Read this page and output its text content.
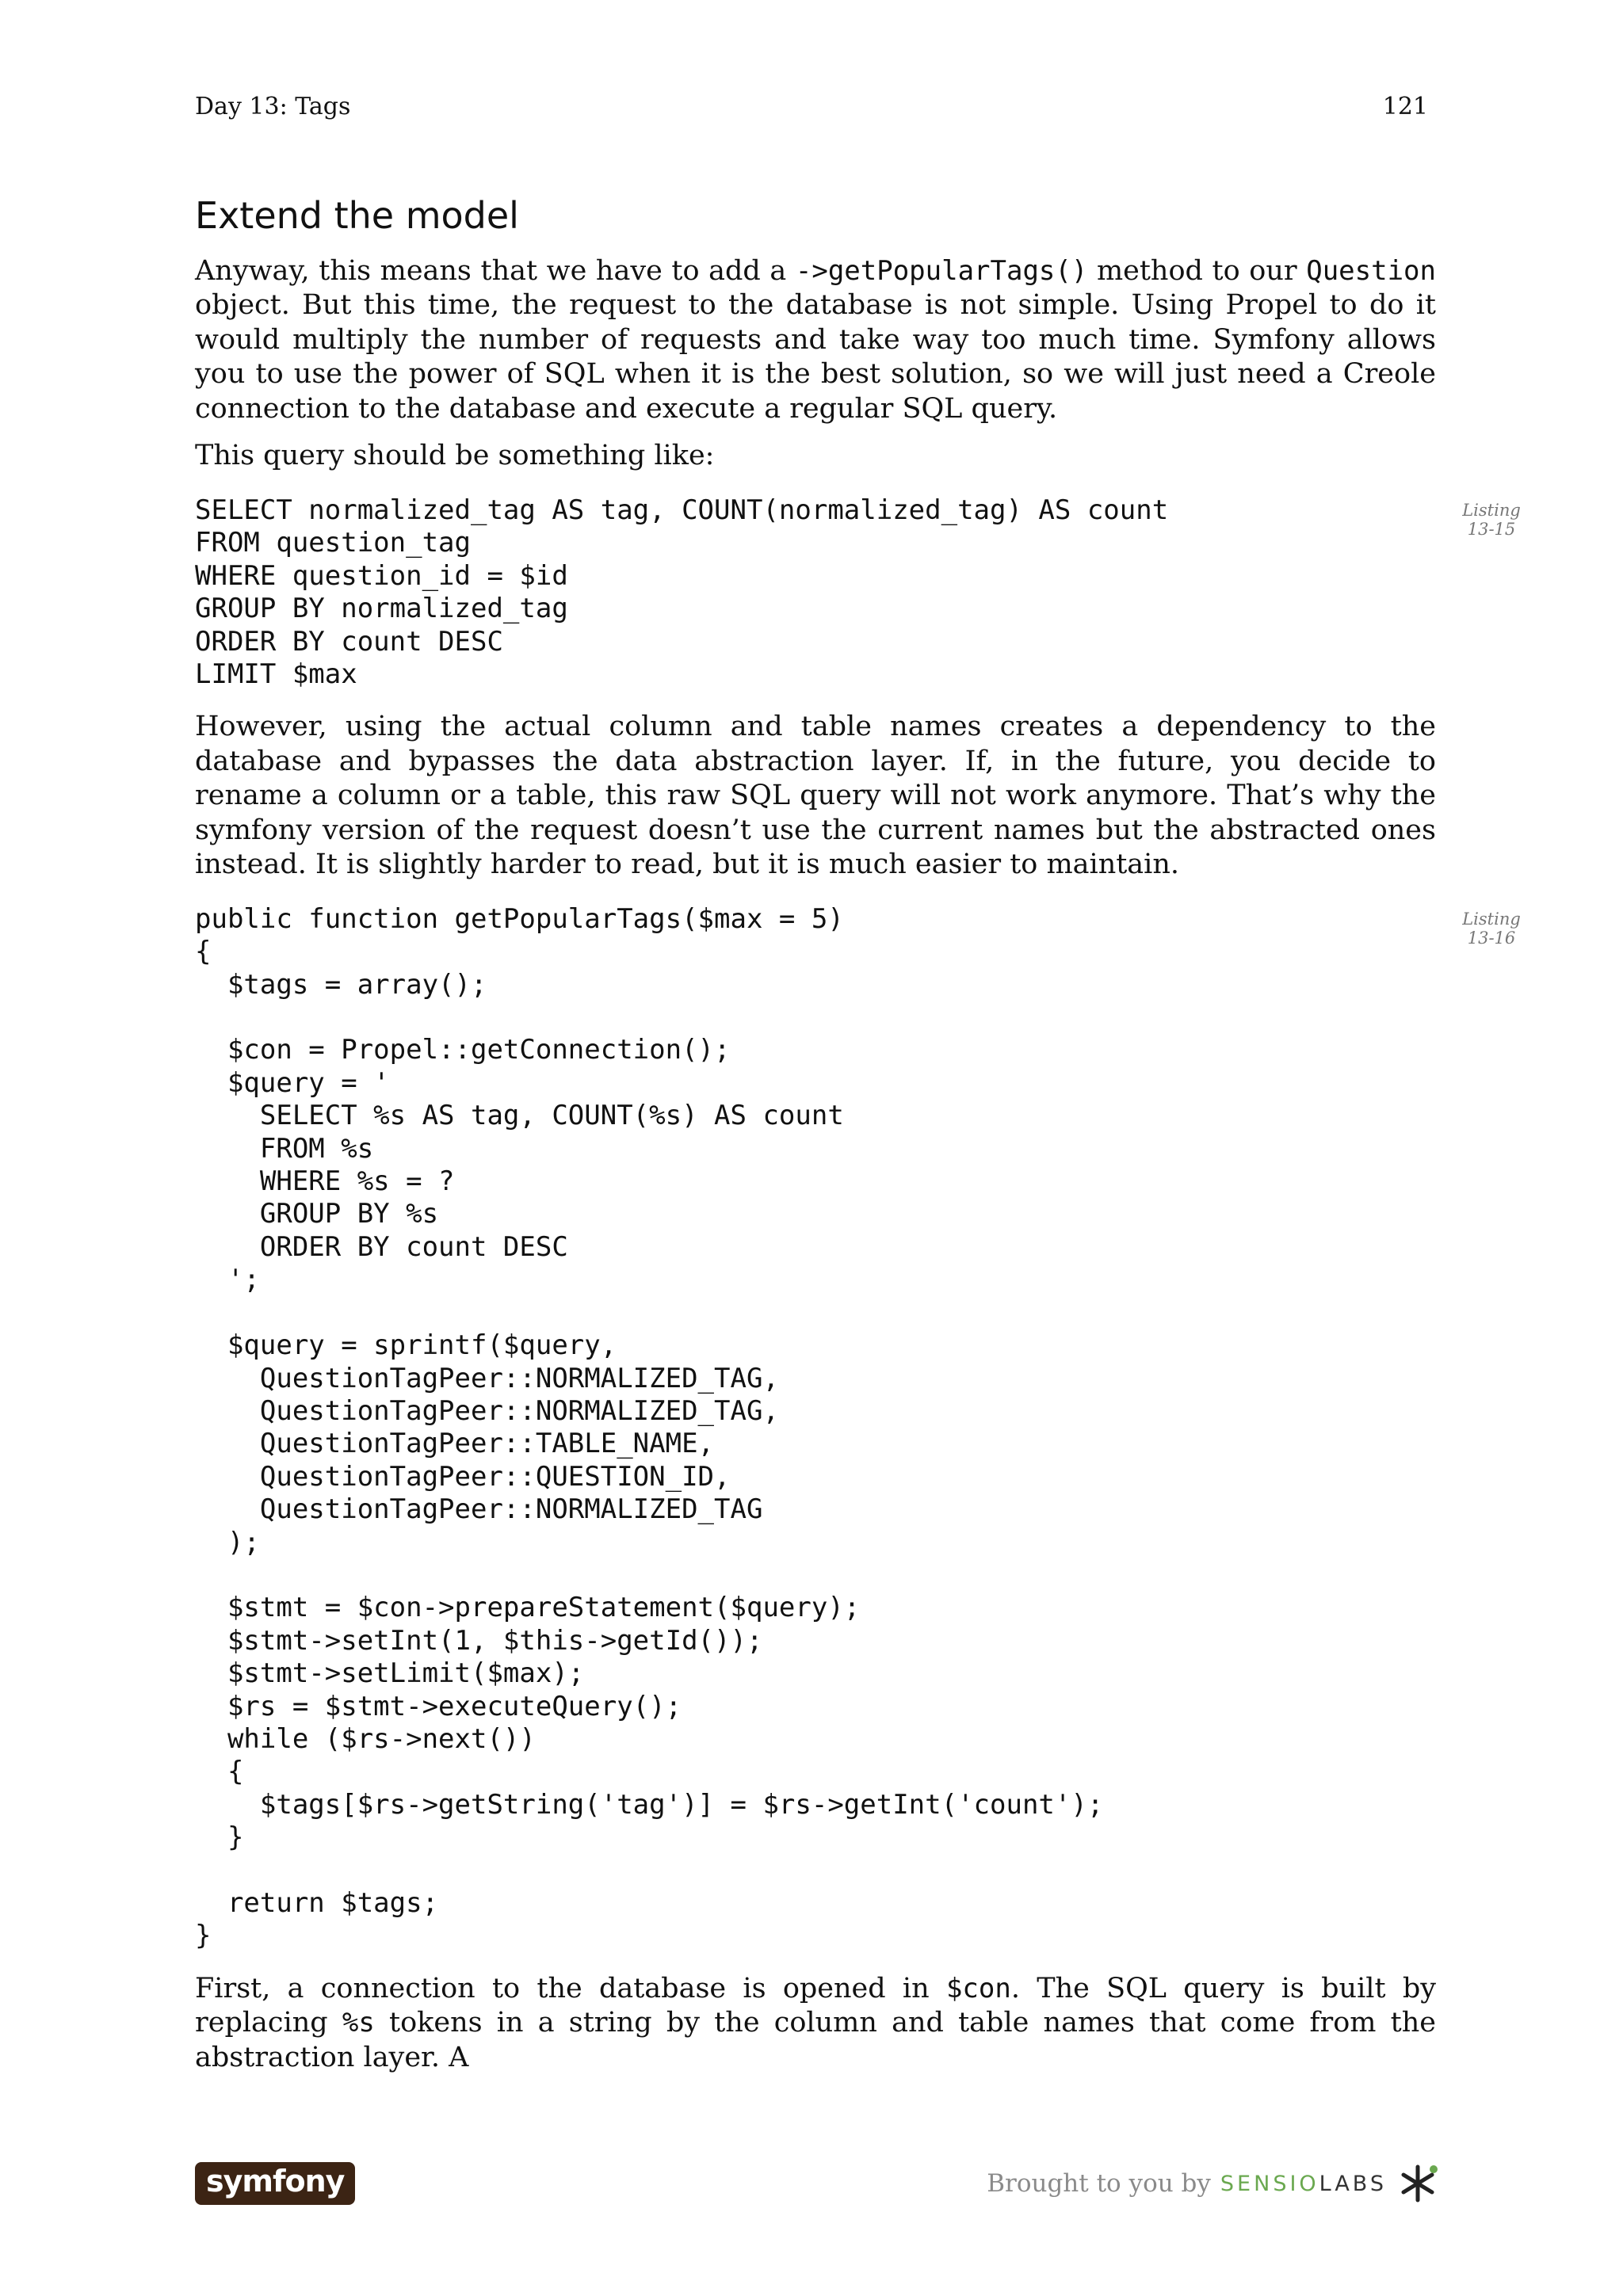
Day 13: Tags	121
Extend the model

Anyway, this means that we have to add a ->getPopularTags() method to our Question object. But this time, the request to the database is not simple. Using Propel to do it would multiply the number of requests and take way too much time. Symfony allows you to use the power of SQL when it is the best solution, so we will just need a Creole connection to the database and execute a regular SQL query.

This query should be something like:

SELECT normalized_tag AS tag, COUNT(normalized_tag) AS count
FROM question_tag
WHERE question_id = $id
GROUP BY normalized_tag
ORDER BY count DESC
LIMIT $max
Listing
13-15

However, using the actual column and table names creates a dependency to the database and bypasses the data abstraction layer. If, in the future, you decide to rename a column or a table, this raw SQL query will not work anymore. That’s why the symfony version of the request doesn’t use the current names but the abstracted ones instead. It is slightly harder to read, but it is much easier to maintain.

public function getPopularTags($max = 5)
{
$tags = array();

$con = Propel::getConnection();
$query = '
SELECT %s AS tag, COUNT(%s) AS count
FROM %s
WHERE %s = ?
GROUP BY %s
ORDER BY count DESC
';

$query = sprintf($query,
QuestionTagPeer::NORMALIZED_TAG,
QuestionTagPeer::NORMALIZED_TAG,
QuestionTagPeer::TABLE_NAME,
QuestionTagPeer::QUESTION_ID,
QuestionTagPeer::NORMALIZED_TAG
);

$stmt = $con->prepareStatement($query);
$stmt->setInt(1, $this->getId());
$stmt->setLimit($max);
$rs = $stmt->executeQuery();
while ($rs->next())
{
$tags[$rs->getString('tag')] = $rs->getInt('count');
}

return $tags;
}
Listing
13-16

First, a connection to the database is opened in $con. The SQL query is built by replacing %s tokens in a string by the column and table names that come from the abstraction layer. A

symfony	Brought to you by SENSIOLABS
